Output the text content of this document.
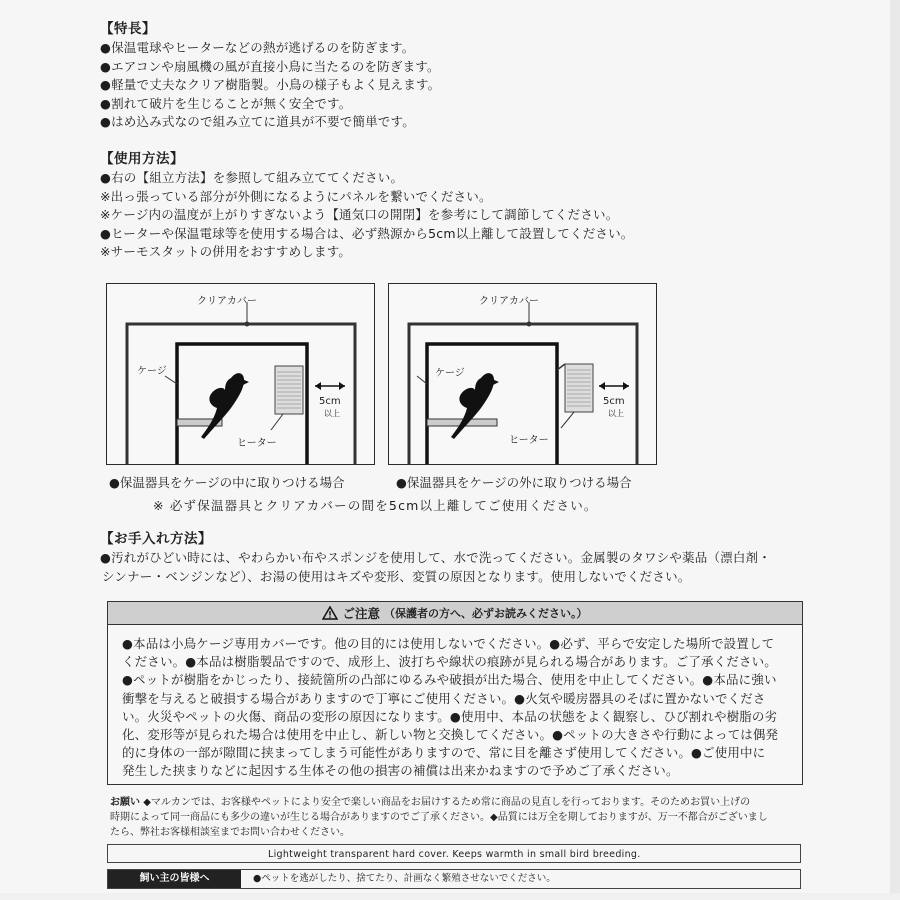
【特長】
●保温電球やヒーターなどの熱が逃げるのを防ぎます。
●エアコンや扇風機の風が直接小鳥に当たるのを防ぎます。
●軽量で丈夫なクリア樹脂製。小鳥の様子もよく見えます。
●割れて破片を生じることが無く安全です。
●はめ込み式なので組み立てに道具が不要で簡単です。
【使用方法】
●右の【組立方法】を参照して組み立ててください。
※出っ張っている部分が外側になるようにパネルを繋いでください。
※ケージ内の温度が上がりすぎないよう【通気口の開閉】を参考にして調節してください。
●ヒーターや保温電球等を使用する場合は、必ず熱源から5cm以上離して設置してください。
※サーモスタットの併用をおすすめします。
クリアカバー
ケージ
ヒーター
5cm
以上
クリアカバー
ケージ
ヒーター
5cm
以上
●保温器具をケージの中に取りつける場合	●保温器具をケージの外に取りつける場合
※ 必ず保温器具とクリアカバーの間を5cm以上離してご使用ください。
【お手入れ方法】
●汚れがひどい時には、やわらかい布やスポンジを使用して、水で洗ってください。金属製のタワシや薬品（漂白剤・
シンナー・ベンジンなど）、お湯の使用はキズや変形、変質の原因となります。使用しないでください。
ご注意 （保護者の方へ、必ずお読みください。）
●本品は小鳥ケージ専用カバーです。他の目的には使用しないでください。●必ず、平らで安定した場所で設置して
ください。●本品は樹脂製品ですので、成形上、波打ちや線状の痕跡が見られる場合があります。ご了承ください。
●ペットが樹脂をかじったり、接続箇所の凸部にゆるみや破損が出た場合、使用を中止してください。●本品に強い
衝撃を与えると破損する場合がありますので丁寧にご使用ください。●火気や暖房器具のそばに置かないでくださ
い。火災やペットの火傷、商品の変形の原因になります。●使用中、本品の状態をよく観察し、ひび割れや樹脂の劣
化、変形等が見られた場合は使用を中止し、新しい物と交換してください。●ペットの大きさや行動によっては偶発
的に身体の一部が隙間に挟まってしまう可能性がありますので、常に目を離さず使用してください。●ご使用中に
発生した挟まりなどに起因する生体その他の損害の補償は出来かねますので予めご了承ください。
お願い ◆マルカンでは、お客様やペットにより安全で楽しい商品をお届けするため常に商品の見直しを行っております。そのためお買い上げの
時期によって同一商品にも多少の違いが生じる場合がありますのでご了承ください。◆品質には万全を期しておりますが、万一不都合がございまし
たら、弊社お客様相談室までお問い合わせください。
Lightweight transparent hard cover. Keeps warmth in small bird breeding.
飼い主の皆様へ	●ペットを逃がしたり、捨てたり、計画なく繁殖させないでください。
